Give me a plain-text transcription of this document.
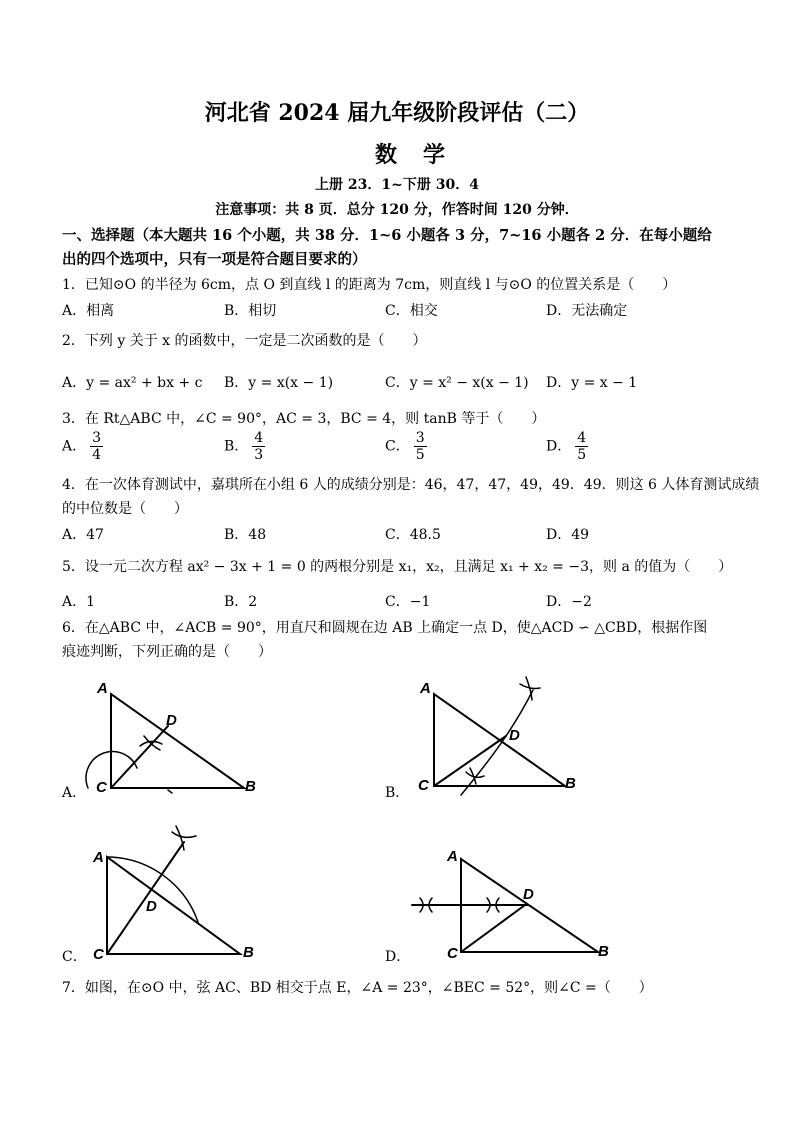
河北省 2024 届九年级阶段评估（二）
数学
上册 23．1~下册 30．4
注意事项：共 8 页．总分 120 分，作答时间 120 分钟．
一、选择题（本大题共 16 个小题，共 38 分．1~6 小题各 3 分，7~16 小题各 2 分．在每小题给
出的四个选项中，只有一项是符合题目要求的）
1．已知⊙O 的半径为 6cm，点 O 到直线 l 的距离为 7cm，则直线 l 与⊙O 的位置关系是（　　）
A．相离	B．相切	C．相交	D．无法确定
2．下列 y 关于 x 的函数中，一定是二次函数的是（　　）
A．y = ax² + bx + c B．y = x(x − 1)	C．y = x² − x(x − 1) D．y = x − 1
3．在 Rt△ABC 中，∠C = 90°，AC = 3，BC = 4，则 tanB 等于（　　）
A． $\frac{3}{4}$	B． $\frac{4}{3}$	C． $\frac{3}{5}$	D． $\frac{4}{5}$
4．在一次体育测试中，嘉琪所在小组 6 人的成绩分别是：46，47，47，49，49．49．则这 6 人体育测试成绩
的中位数是（　　）
A．47	B．48	C．48.5	D．49
5．设一元二次方程 ax² − 3x + 1 = 0 的两根分别是 x₁，x₂，且满足 x₁ + x₂ = −3，则 a 的值为（　　）
A．1	B．2	C．−1	D．−2
6．在△ABC 中，∠ACB = 90°，用直尺和圆规在边 AB 上确定一点 D，使△ACD ∽ △CBD，根据作图
痕迹判断，下列正确的是（　　）
A
D
C	B
A
D
C	B
A
D
C	B
A
D
C	B
A．	B．
C．	D．
7．如图，在⊙O 中，弦 AC、BD 相交于点 E，∠A = 23°，∠BEC = 52°，则∠C =（　　）
